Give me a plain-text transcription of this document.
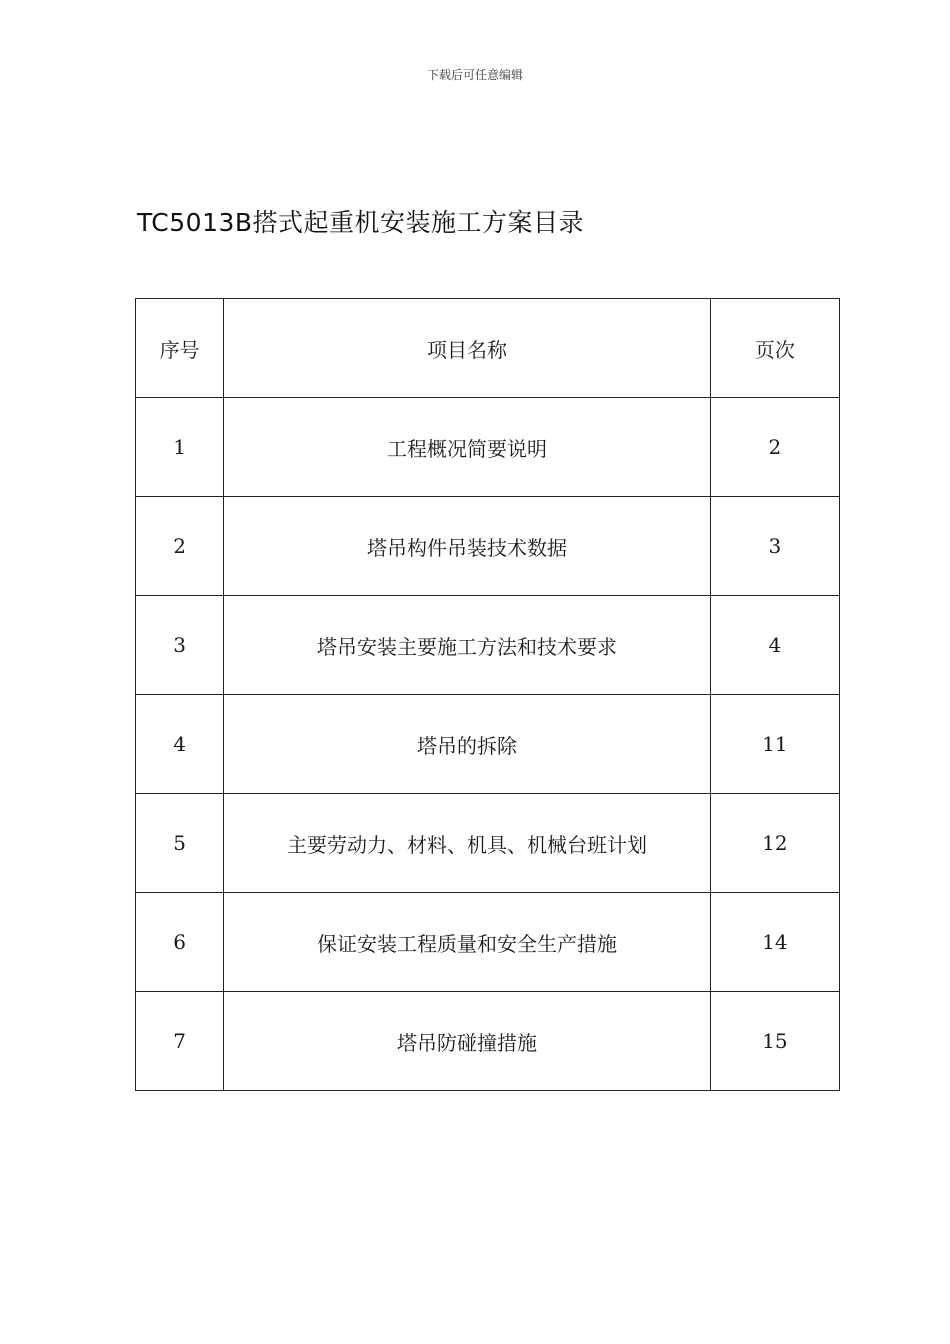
下载后可任意编辑
TC5013B搭式起重机安装施工方案目录
序号	项目名称	页次
1	工程概况简要说明	2
2	塔吊构件吊装技术数据	3
3	塔吊安装主要施工方法和技术要求	4
4	塔吊的拆除	11
5	主要劳动力、材料、机具、机械台班计划	12
6	保证安装工程质量和安全生产措施	14
7	塔吊防碰撞措施	15
